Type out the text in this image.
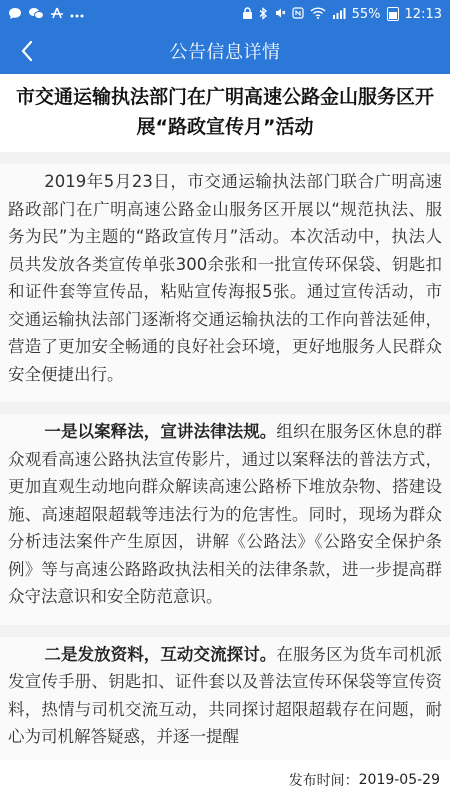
55% 12:13
公告信息详情
市交通运输执法部门在广明高速公路金山服务区开展“路政宣传月”活动
2019年5月23日，市交通运输执法部门联合广明高速路政部门在广明高速公路金山服务区开展以“规范执法、服务为民”为主题的“路政宣传月”活动。本次活动中，执法人员共发放各类宣传单张300余张和一批宣传环保袋、钥匙扣和证件套等宣传品，粘贴宣传海报5张。通过宣传活动，市交通运输执法部门逐渐将交通运输执法的工作向普法延伸，营造了更加安全畅通的良好社会环境，更好地服务人民群众安全便捷出行。
一是以案释法，宣讲法律法规。组织在服务区休息的群众观看高速公路执法宣传影片，通过以案释法的普法方式，更加直观生动地向群众解读高速公路桥下堆放杂物、搭建设施、高速超限超载等违法行为的危害性。同时，现场为群众分析违法案件产生原因，讲解《公路法》《公路安全保护条例》等与高速公路路政执法相关的法律条款，进一步提高群众守法意识和安全防范意识。
二是发放资料，互动交流探讨。在服务区为货车司机派发宣传手册、钥匙扣、证件套以及普法宣传环保袋等宣传资料，热情与司机交流互动，共同探讨超限超载存在问题，耐心为司机解答疑惑，并逐一提醒
发布时间： 2019-05-29
